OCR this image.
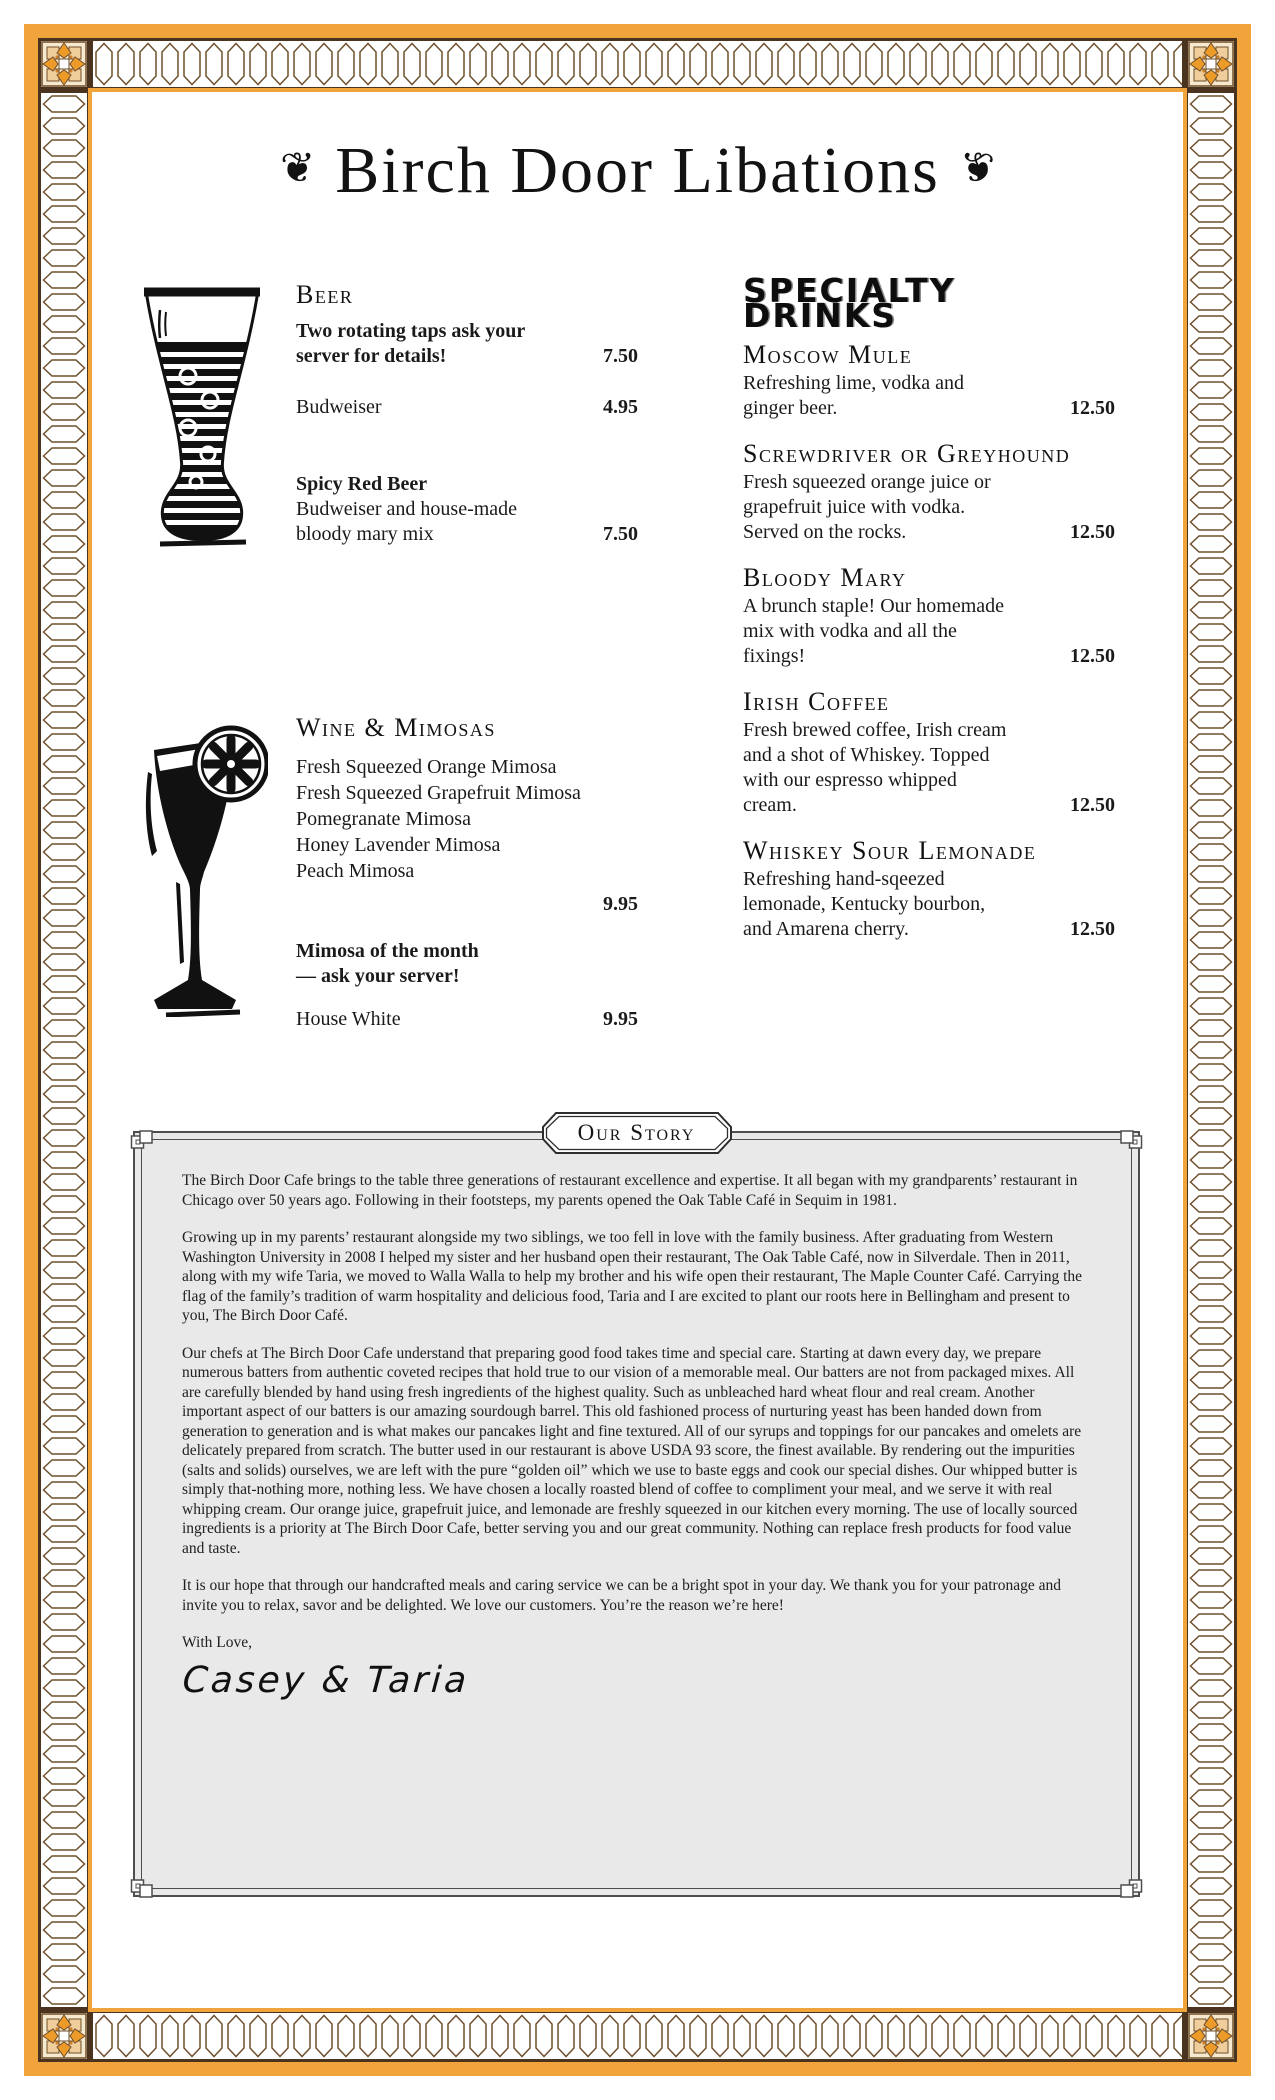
❦ Birch Door Libations ❦
Beer
Two rotating taps ask your server for details!	7.50
Budweiser	4.95
Spicy Red Beer
Budweiser and house-made bloody mary mix	7.50
Wine & Mimosas
Fresh Squeezed Orange Mimosa
Fresh Squeezed Grapefruit Mimosa
Pomegranate Mimosa
Honey Lavender Mimosa
Peach Mimosa
9.95
Mimosa of the month
— ask your server!
House White	9.95
SPECIALTY DRINKS
Moscow Mule
Refreshing lime, vodka and ginger beer.	12.50
Screwdriver or Greyhound
Fresh squeezed orange juice or grapefruit juice with vodka. Served on the rocks.	12.50
Bloody Mary
A brunch staple! Our homemade mix with vodka and all the fixings!	12.50
Irish Coffee
Fresh brewed coffee, Irish cream and a shot of Whiskey. Topped with our espresso whipped cream.	12.50
Whiskey Sour Lemonade
Refreshing hand-sqeezed lemonade, Kentucky bourbon, and Amarena cherry.	12.50
Our Story

The Birch Door Cafe brings to the table three generations of restaurant excellence and expertise. It all began with my grandparents’ restaurant in Chicago over 50 years ago. Following in their footsteps, my parents opened the Oak Table Café in Sequim in 1981.

Growing up in my parents’ restaurant alongside my two siblings, we too fell in love with the family business. After graduating from Western Washington University in 2008 I helped my sister and her husband open their restaurant, The Oak Table Café, now in Silverdale. Then in 2011, along with my wife Taria, we moved to Walla Walla to help my brother and his wife open their restaurant, The Maple Counter Café. Carrying the flag of the family’s tradition of warm hospitality and delicious food, Taria and I are excited to plant our roots here in Bellingham and present to you, The Birch Door Café.

Our chefs at The Birch Door Cafe understand that preparing good food takes time and special care. Starting at dawn every day, we prepare numerous batters from authentic coveted recipes that hold true to our vision of a memorable meal. Our batters are not from packaged mixes. All are carefully blended by hand using fresh ingredients of the highest quality. Such as unbleached hard wheat flour and real cream. Another important aspect of our batters is our amazing sourdough barrel. This old fashioned process of nurturing yeast has been handed down from generation to generation and is what makes our pancakes light and fine textured. All of our syrups and toppings for our pancakes and omelets are delicately prepared from scratch. The butter used in our restaurant is above USDA 93 score, the finest available. By rendering out the impurities (salts and solids) ourselves, we are left with the pure “golden oil” which we use to baste eggs and cook our special dishes. Our whipped butter is simply that-nothing more, nothing less. We have chosen a locally roasted blend of coffee to compliment your meal, and we serve it with real whipping cream. Our orange juice, grapefruit juice, and lemonade are freshly squeezed in our kitchen every morning. The use of locally sourced ingredients is a priority at The Birch Door Cafe, better serving you and our great community. Nothing can replace fresh products for food value and taste.

It is our hope that through our handcrafted meals and caring service we can be a bright spot in your day. We thank you for your patronage and invite you to relax, savor and be delighted. We love our customers. You’re the reason we’re here!

With Love,

Casey & Taria
